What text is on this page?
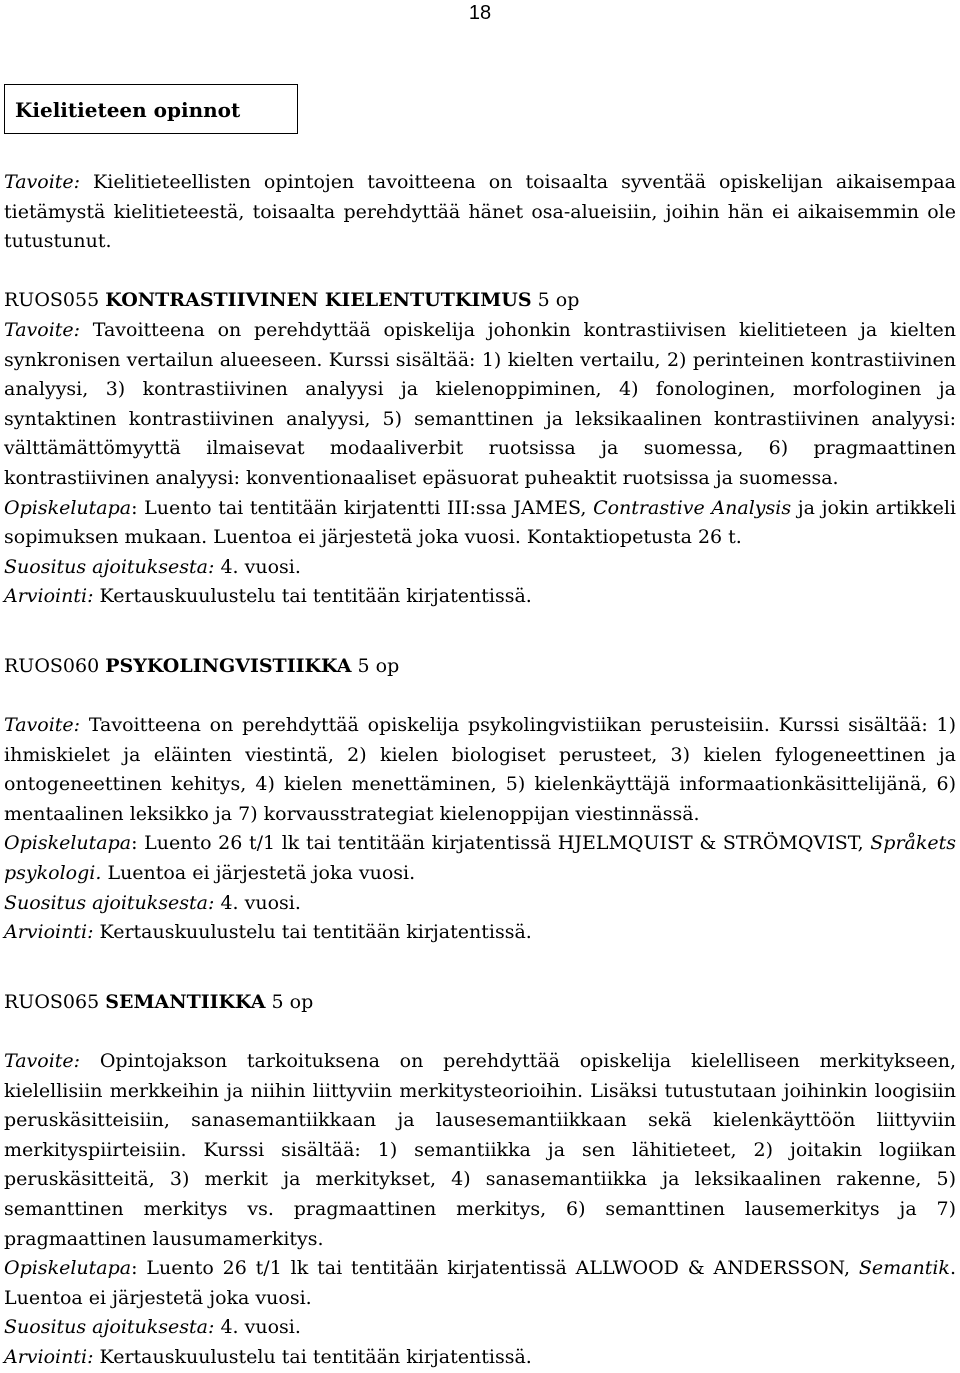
18
Kielitieteen opinnot

Tavoite: Kielitieteellisten opintojen tavoitteena on toisaalta syventää opiskelijan aikaisempaa tietämystä kielitieteestä, toisaalta perehdyttää hänet osa-alueisiin, joihin hän ei aikaisemmin ole tutustunut.

RUOS055 KONTRASTIIVINEN KIELENTUTKIMUS 5 op

Tavoite: Tavoitteena on perehdyttää opiskelija johonkin kontrastiivisen kielitieteen ja kielten synkronisen vertailun alueeseen. Kurssi sisältää: 1) kielten vertailu, 2) perinteinen kontrastiivinen analyysi, 3) kontrastiivinen analyysi ja kielenoppiminen, 4) fonologinen, morfologinen ja syntaktinen kontrastiivinen analyysi, 5) semanttinen ja leksikaalinen kontrastiivinen analyysi: välttämättömyyttä ilmaisevat modaaliverbit ruotsissa ja suomessa, 6) pragmaattinen kontrastiivinen analyysi: konventionaaliset epäsuorat puheaktit ruotsissa ja suomessa.

Opiskelutapa: Luento tai tentitään kirjatentti III:ssa JAMES, Contrastive Analysis ja jokin artikkeli sopimuksen mukaan. Luentoa ei järjestetä joka vuosi. Kontaktiopetusta 26 t.

Suositus ajoituksesta: 4. vuosi.

Arviointi: Kertauskuulustelu tai tentitään kirjatentissä.

RUOS060 PSYKOLINGVISTIIKKA 5 op

Tavoite: Tavoitteena on perehdyttää opiskelija psykolingvistiikan perusteisiin. Kurssi sisältää: 1) ihmiskielet ja eläinten viestintä, 2) kielen biologiset perusteet, 3) kielen fylogeneettinen ja ontogeneettinen kehitys, 4) kielen menettäminen, 5) kielenkäyttäjä informaationkäsittelijänä, 6) mentaalinen leksikko ja 7) korvausstrategiat kielenoppijan viestinnässä.

Opiskelutapa: Luento 26 t/1 lk tai tentitään kirjatentissä HJELMQUIST & STRÖMQVIST, Språkets psykologi. Luentoa ei järjestetä joka vuosi.

Suositus ajoituksesta: 4. vuosi.

Arviointi: Kertauskuulustelu tai tentitään kirjatentissä.

RUOS065 SEMANTIIKKA 5 op

Tavoite: Opintojakson tarkoituksena on perehdyttää opiskelija kielelliseen merkitykseen, kielellisiin merkkeihin ja niihin liittyviin merkitysteorioihin. Lisäksi tutustutaan joihinkin loogisiin peruskäsitteisiin, sanasemantiikkaan ja lausesemantiikkaan sekä kielenkäyttöön liittyviin merkityspiirteisiin. Kurssi sisältää: 1) semantiikka ja sen lähitieteet, 2) joitakin logiikan peruskäsitteitä, 3) merkit ja merkitykset, 4) sanasemantiikka ja leksikaalinen rakenne, 5) semanttinen merkitys vs. pragmaattinen merkitys, 6) semanttinen lausemerkitys ja 7) pragmaattinen lausumamerkitys.

Opiskelutapa: Luento 26 t/1 lk tai tentitään kirjatentissä ALLWOOD & ANDERSSON, Semantik. Luentoa ei järjestetä joka vuosi.

Suositus ajoituksesta: 4. vuosi.

Arviointi: Kertauskuulustelu tai tentitään kirjatentissä.
